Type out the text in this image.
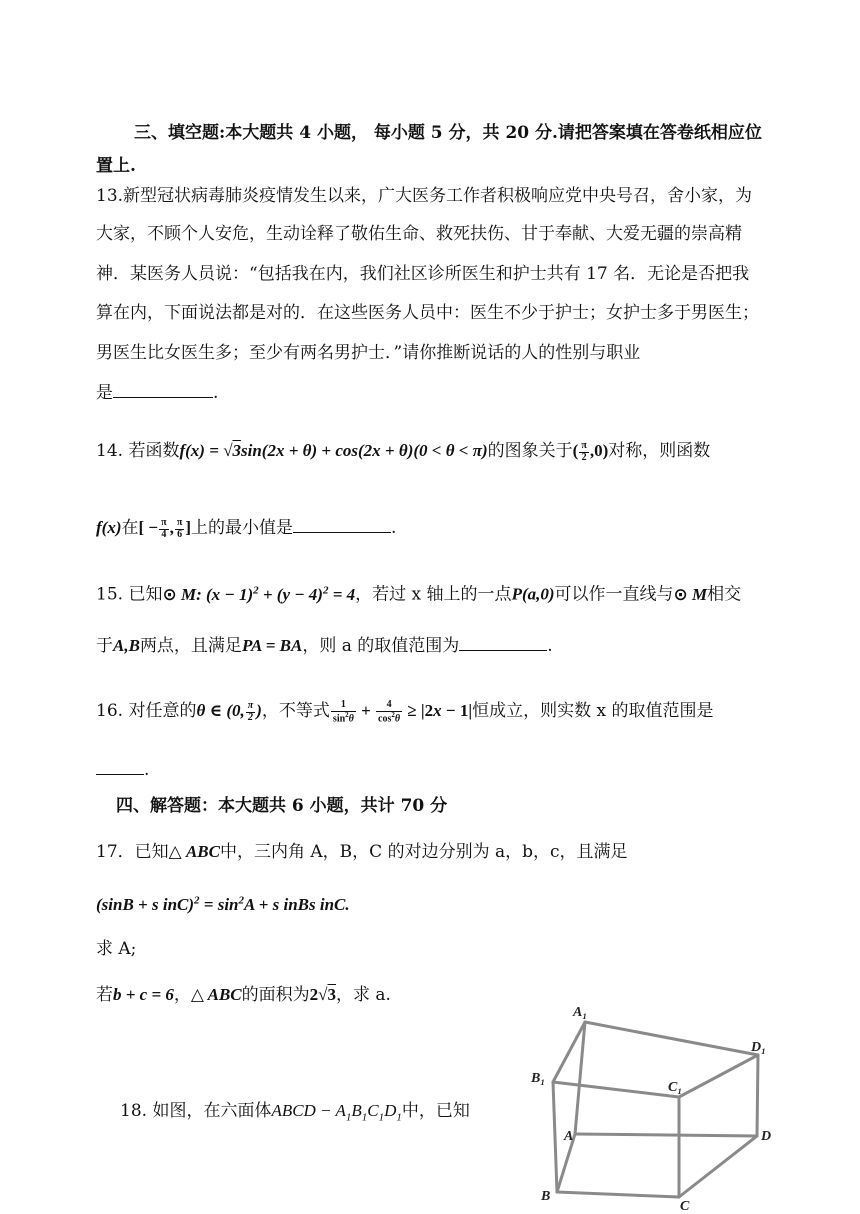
三、填空题:本大题共 4 小题， 每小题 5 分，共 20 分.请把答案填在答卷纸相应位
置上.
13.新型冠状病毒肺炎疫情发生以来，广大医务工作者积极响应党中央号召，舍小家，为
大家，不顾个人安危，生动诠释了敬佑生命、救死扶伤、甘于奉献、大爱无疆的崇高精
神．某医务人员说：“包括我在内，我们社区诊所医生和护士共有 17 名．无论是否把我
算在内，下面说法都是对的．在这些医务人员中：医生不少于护士；女护士多于男医生；
男医生比女医生多；至少有两名男护士．”请你推断说话的人的性别与职业
是	.
14. 若函数f(x) = √3sin(2x + θ) + cos(2x + θ)(0 < θ < π)的图象关于( $\frac{\pi}{2} ,0$)对称，则函数
f(x)在[ − $\frac{\pi}{4}$ , $\frac{\pi}{6}$ ]上的最小值是	.
15. 已知⊙ M: $(x - 1)^2 + (y - 4)^2 = 4$，若过 x 轴上的一点P(a,0)可以作一直线与⊙ M相交
于A,B两点，且满足PA = BA，则 a 的取值范围为	.
16. 对任意的θ ∈ (0, $\frac{\pi}{2}$ )，不等式 $\frac{1}{\sin^2\theta} + \frac{4}{\cos^2\theta} \ge |2x - 1|$恒成立，则实数 x 的取值范围是
.
四、解答题：本大题共 6 小题，共计 70 分
17．已知△ ABC中，三内角 A，B，C 的对边分别为 a，b，c，且满足
(sinB + s $inC)^2 = \sin^2A + s$ inBs inC.
求 A;
若b + c = 6，△ ABC的面积为2√3，求 a.
18. 如图，在六面体ABCD − $A_1B_1C_1D_1$中，已知
A₁
D₁
B₁
C₁
A	D
B
C
